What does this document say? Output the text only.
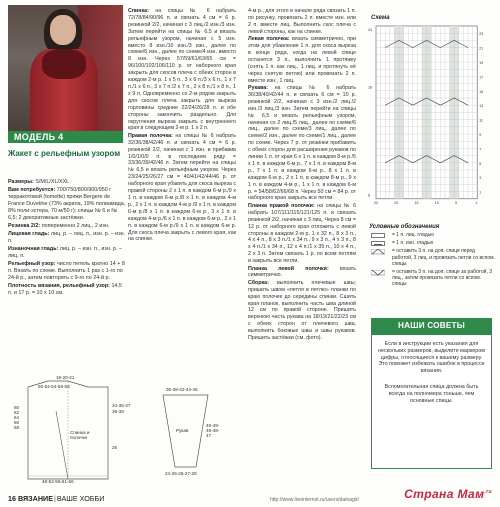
МОДЕЛЬ 4
Жакет с рельефным узором

Размеры: S/M/L/XL/XXL

Вам потребуется: 700/750/800/900/950 г терракотовой (tomette) пряжи Bergere de France Duvetine (73% акрила, 19% полиамида, 8% поли-эстера, 70 м/50 г); спицы № 6 и № 6,5; 2 декоративные застёжки.

Резинка 2/2: попеременно 2 лиц., 2 изн.

Лицевая гладь: лиц. р. – лиц. п., изн. р. – изн. п.

Изнаночная гладь: лиц. р. – изн. п., изн. р. – лиц. п.

Рельефный узор: число петель кратно 14 + 8 п. Вязать по схеме. Выполнить 1 раз с 1-го по 24-й р., затем повторять с 9-го по 24-й р.

Плотность вязания, рельефный узор: 14,5 п. и 17 р. = 10 х 10 см.

19-20-21
50-52-54-56-58
60
62
64
66
68
34-35-37
38-39
26
Спинка и полочки
48-52-56-61-66
36-38-42-44-46
Рукав
49-49-48-48-47
24-25-26-27-28

Спинка: на спицы № 6 набрать 72/78/84/90/96 п. и связать 4 см = 6 р. резинкой 2/2, начиная с 3 лиц./2 изн./3 изн. Затем перейти на спицы № 6,5 и вязать рельефным узором, начиная с 5 изн. вместо 8 изн./10 изн./3 изн., далее по схеме/6 изн., далее по схеме/4 изн. вместо 8 изн. Через 57/59/61/63/65 см = 96/100/102/106/110 р. от наборного края закрыть для скосов плеча с обеих сторон в каждом 2-м р. 1 х 5 п., 3 х 6 п./3 х 6 п., 1 х 7 п./1 х 6 п., 3 х 7 п./2 х 7 п., 2 х 8 п./1 х 8 п., 1 х 9 п. Одновременно со 2-м рядом закрыть для скосов плеча закрыть для выреза горловины средние 22/24/26/28 п. и обе стороны закончить раздельно. Для округления выреза закрыть с внутреннего края в следующем 2-м р. 1 х 2 п.

Правая полочка: на спицы № 6 набрать 32/36/38/42/46 п. и связать 4 см = 6 р. резинкой 2/2, начиная с 1 изн. и прибавив 1/0/1/0/0 п. в последнем ряду = 33/36/39/42/46 п. Затем перейти на спицы № 6,5 и вязать рельефным узором. Через 23/24/25/26/27 см = 40/41/42/44/46 р. от наборного края убавить для скоса выреза с правой стороны 2 х 1 п. в каждом 6-м р./9 х 1 п. в каждом 6-м р./8 х 1 п. в каждом 4-м р., 2 х 1 п. в каждом 4-м р./9 х 1 п. в каждом 6-м р./8 х 1 п. в каждом 6-м р., 3 х 1 п. в каждом 4-м р./6 х 1 п. в каждом 6-м р., 2 х 1 п. в каждом 6-м р./9 х 1 п. в каждом 6-м р. Для скоса плеча закрыть с левого края, как на спинке.

4-м р., для этого в начале ряда связать 1 п. по рисунку, провязать 2 п. вместе изн. или 2 п. вместе лиц. Выполнить скос плеча с левой стороны, как на спинке.

Левая полочка: вязать симметрично, при этом для убавления 1 п. для скоса выреза в конце ряда, когда на левой спице останется 3 п., выполнить 1 протяжку (снять 1 п. как лиц., 1 лиц. и протянуть её через снятую петлю) или провязать 2 п. вместе изн., 1 лиц.

Рукава: на спицы № 6 набрать 36/38/40/42/44 п. и связать 6 см = 10 р. резинкой 2/2, начиная с 3 изн./2 лиц./2 изн./3 лиц./3 изн. Затем перейти на спицы № 6,5 и вязать рельефным узором, начиная со 2 лиц./5 лиц., далее по схеме/6 лиц., далее по схеме/3 лиц., далее по схеме/2 изн., далее по схеме/1 лиц., далее по схеме. Через 7 р. от резинки прибавить с обеих сторон для расширения рукавов по линии 1 п. от края 6 х 1 п. в каждом 8-м р./5 х 1 п. в каждом 6-м р., 7 х 1 п. в каждом 8-м р., 7 х 1 п. в каждом 6-м р., 8 х 1 п. в каждом 6-м р., 2 х 1 п. в каждом 8-м р., 9 х 1 п. в каждом 4-м р., 1 х 1 п. в каждом 6-м р. = 54/58/62/66/68 п. Через 50 см = 84 р. от наборного края закрыть все петли.

Планка правой полочки: на спицы № 6 набрать 107/111/115/121/125 п. и связать резинкой 2/2, начиная с 3 лиц. Через 8 см = 12 р. от наборного края отложить с левой стороны в каждом 2-м р. 1 х 32 п., 8 х 3 п., 4 х 4 п., 8 х 3 п./1 х 34 п., 9 х 3 п., 4 х 3 п., 8 х 4 п./1 х 34 п., 12 х 4 п./1 х 35 п., 10 х 4 п., 2 х 3 п. Затем связать 1 р. по всем петлям и закрыть все петли.

Планка левой полочки: вязать симметрично.

Сборка: выполнить плечевые швы; пришить швом «петля в петлю» планки по краю полочек до середины спинки. Сшить края планок, выполнить часть шва длиной 12 см по правой стороне. Пришить верхнюю часть рукава на 18/19/21/22/23 см с обеих сторон от плечевого шва, выполнить боковые швы и швы рукавов. Пришить застёжки (см. фото).

Схема
23
21
19
17
15
13
11
9
7
5
3
1
24
16
8
22	20	15	10	5	1
Условные обозначения
= 1 п. лиц. гладью
= 1 п. изн. гладью
= оставить 3 п. на доп. спице перед работой, 3 лиц. и провязать петли со вспом. спицы
= оставить 3 п. на доп. спице за работой, 3 лиц., затем провязать петли со вспом. спицы
НАШИ СОВЕТЫ

Если в инструкции есть указания для нескольких размеров, выделите маркером цифры, относящиеся к вашему размеру. Это поможет избежать ошибок в процессе вязания.

Вспомогательная спица должна быть всегда на полномера тоньше, чем основные спицы.

16 ВЯЗАНИЕ|ВАШЕ ХОББИ	http://www.liveinternet.ru/users/damagir/	Страна Мам$^{.ru}$
